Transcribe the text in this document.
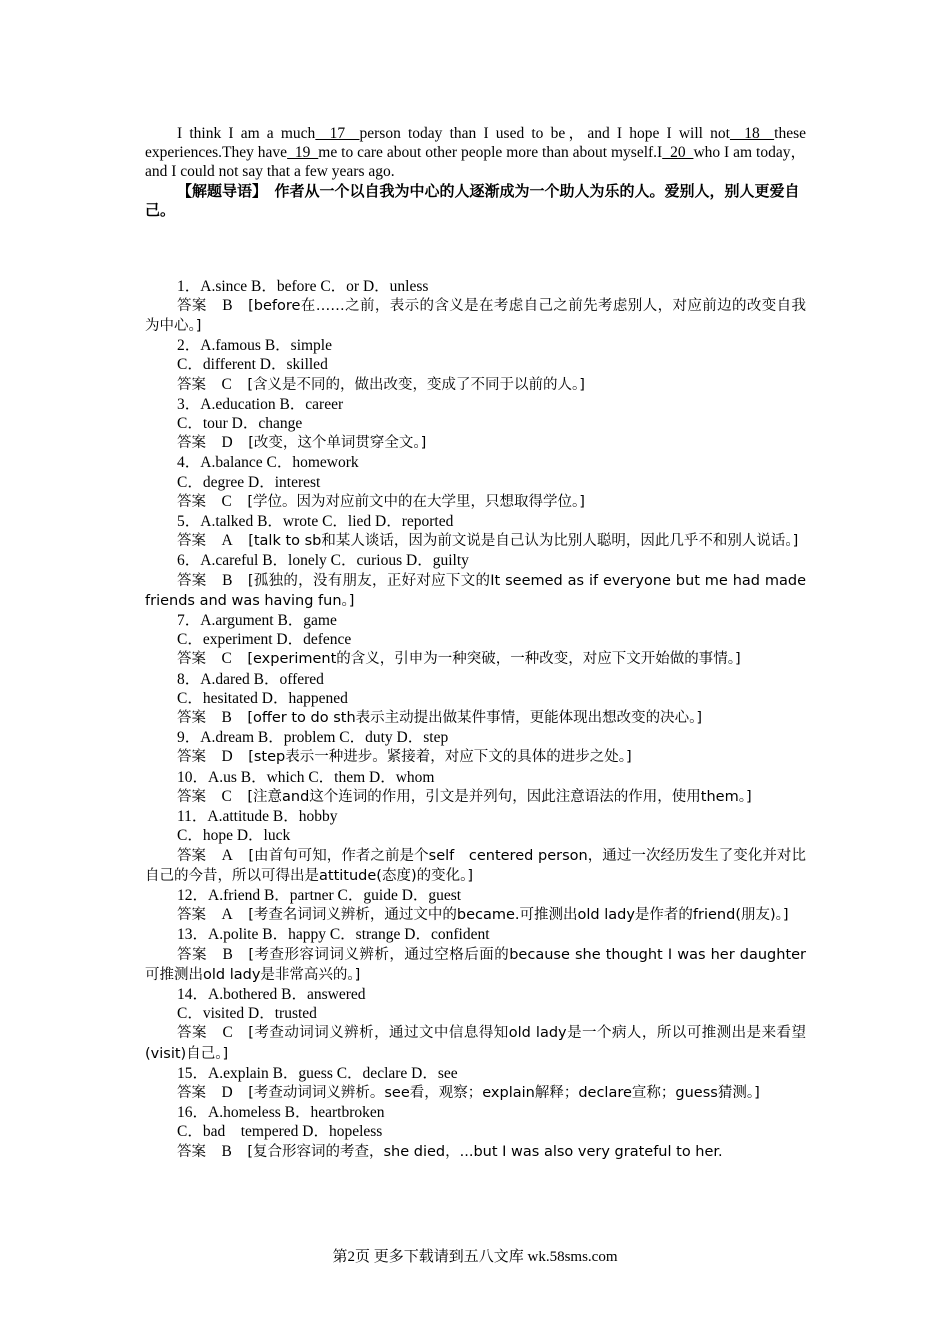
I think I am a much  17  person today than I used to be，and I hope I will not  18  these experiences.They have  19  me to care about other people more than about myself.I  20  who I am today，and I could not say that a few years ago.

【解题导语】　作者从一个以自我为中心的人逐渐成为一个助人为乐的人。爱别人，别人更爱自己。

1．A.since B．before C．or D．unless

答案   B   [before在……之前，表示的含义是在考虑自己之前先考虑别人，对应前边的改变自我为中心。]

2．A.famous B．simple

C．different D．skilled

答案   C   [含义是不同的，做出改变，变成了不同于以前的人。]

3．A.education B．career

C．tour D．change

答案   D   [改变，这个单词贯穿全文。]

4．A.balance C．homework

C．degree D．interest

答案   C   [学位。因为对应前文中的在大学里，只想取得学位。]

5．A.talked B．wrote C．lied D．reported

答案   A   [talk to sb和某人谈话，因为前文说是自己认为比别人聪明，因此几乎不和别人说话。]

6．A.careful B．lonely C．curious D．guilty

答案   B   [孤独的，没有朋友，正好对应下文的It seemed as if everyone but me had made friends and was having fun。]

7．A.argument B．game

C．experiment D．defence

答案   C   [experiment的含义，引申为一种突破，一种改变，对应下文开始做的事情。]

8．A.dared B．offered

C．hesitated D．happened

答案   B   [offer to do sth表示主动提出做某件事情，更能体现出想改变的决心。]

9．A.dream B．problem C．duty D．step

答案   D   [step表示一种进步。紧接着，对应下文的具体的进步之处。]

10．A.us B．which C．them D．whom

答案   C   [注意and这个连词的作用，引文是并列句，因此注意语法的作用，使用them。]

11．A.attitude B．hobby

C．hope D．luck

答案   A   [由首句可知，作者之前是个self　centered person，通过一次经历发生了变化并对比自己的今昔，所以可得出是attitude(态度)的变化。]

12．A.friend B．partner C．guide D．guest

答案   A   [考查名词词义辨析，通过文中的became.可推测出old lady是作者的friend(朋友)。]

13．A.polite B．happy C．strange D．confident

答案   B   [考查形容词词义辨析，通过空格后面的because she thought I was her daughter可推测出old lady是非常高兴的。]

14．A.bothered B．answered

C．visited D．trusted

答案   C   [考查动词词义辨析，通过文中信息得知old lady是一个病人，所以可推测出是来看望(visit)自己。]

15．A.explain B．guess C．declare D．see

答案   D   [考查动词词义辨析。see看，观察；explain解释；declare宣称；guess猜测。]

16．A.homeless B．heartbroken

C．bad　tempered D．hopeless

答案   B   [复合形容词的考查，she died，...but I was also very grateful to her.

第2页 更多下载请到五八文库 wk.58sms.com
